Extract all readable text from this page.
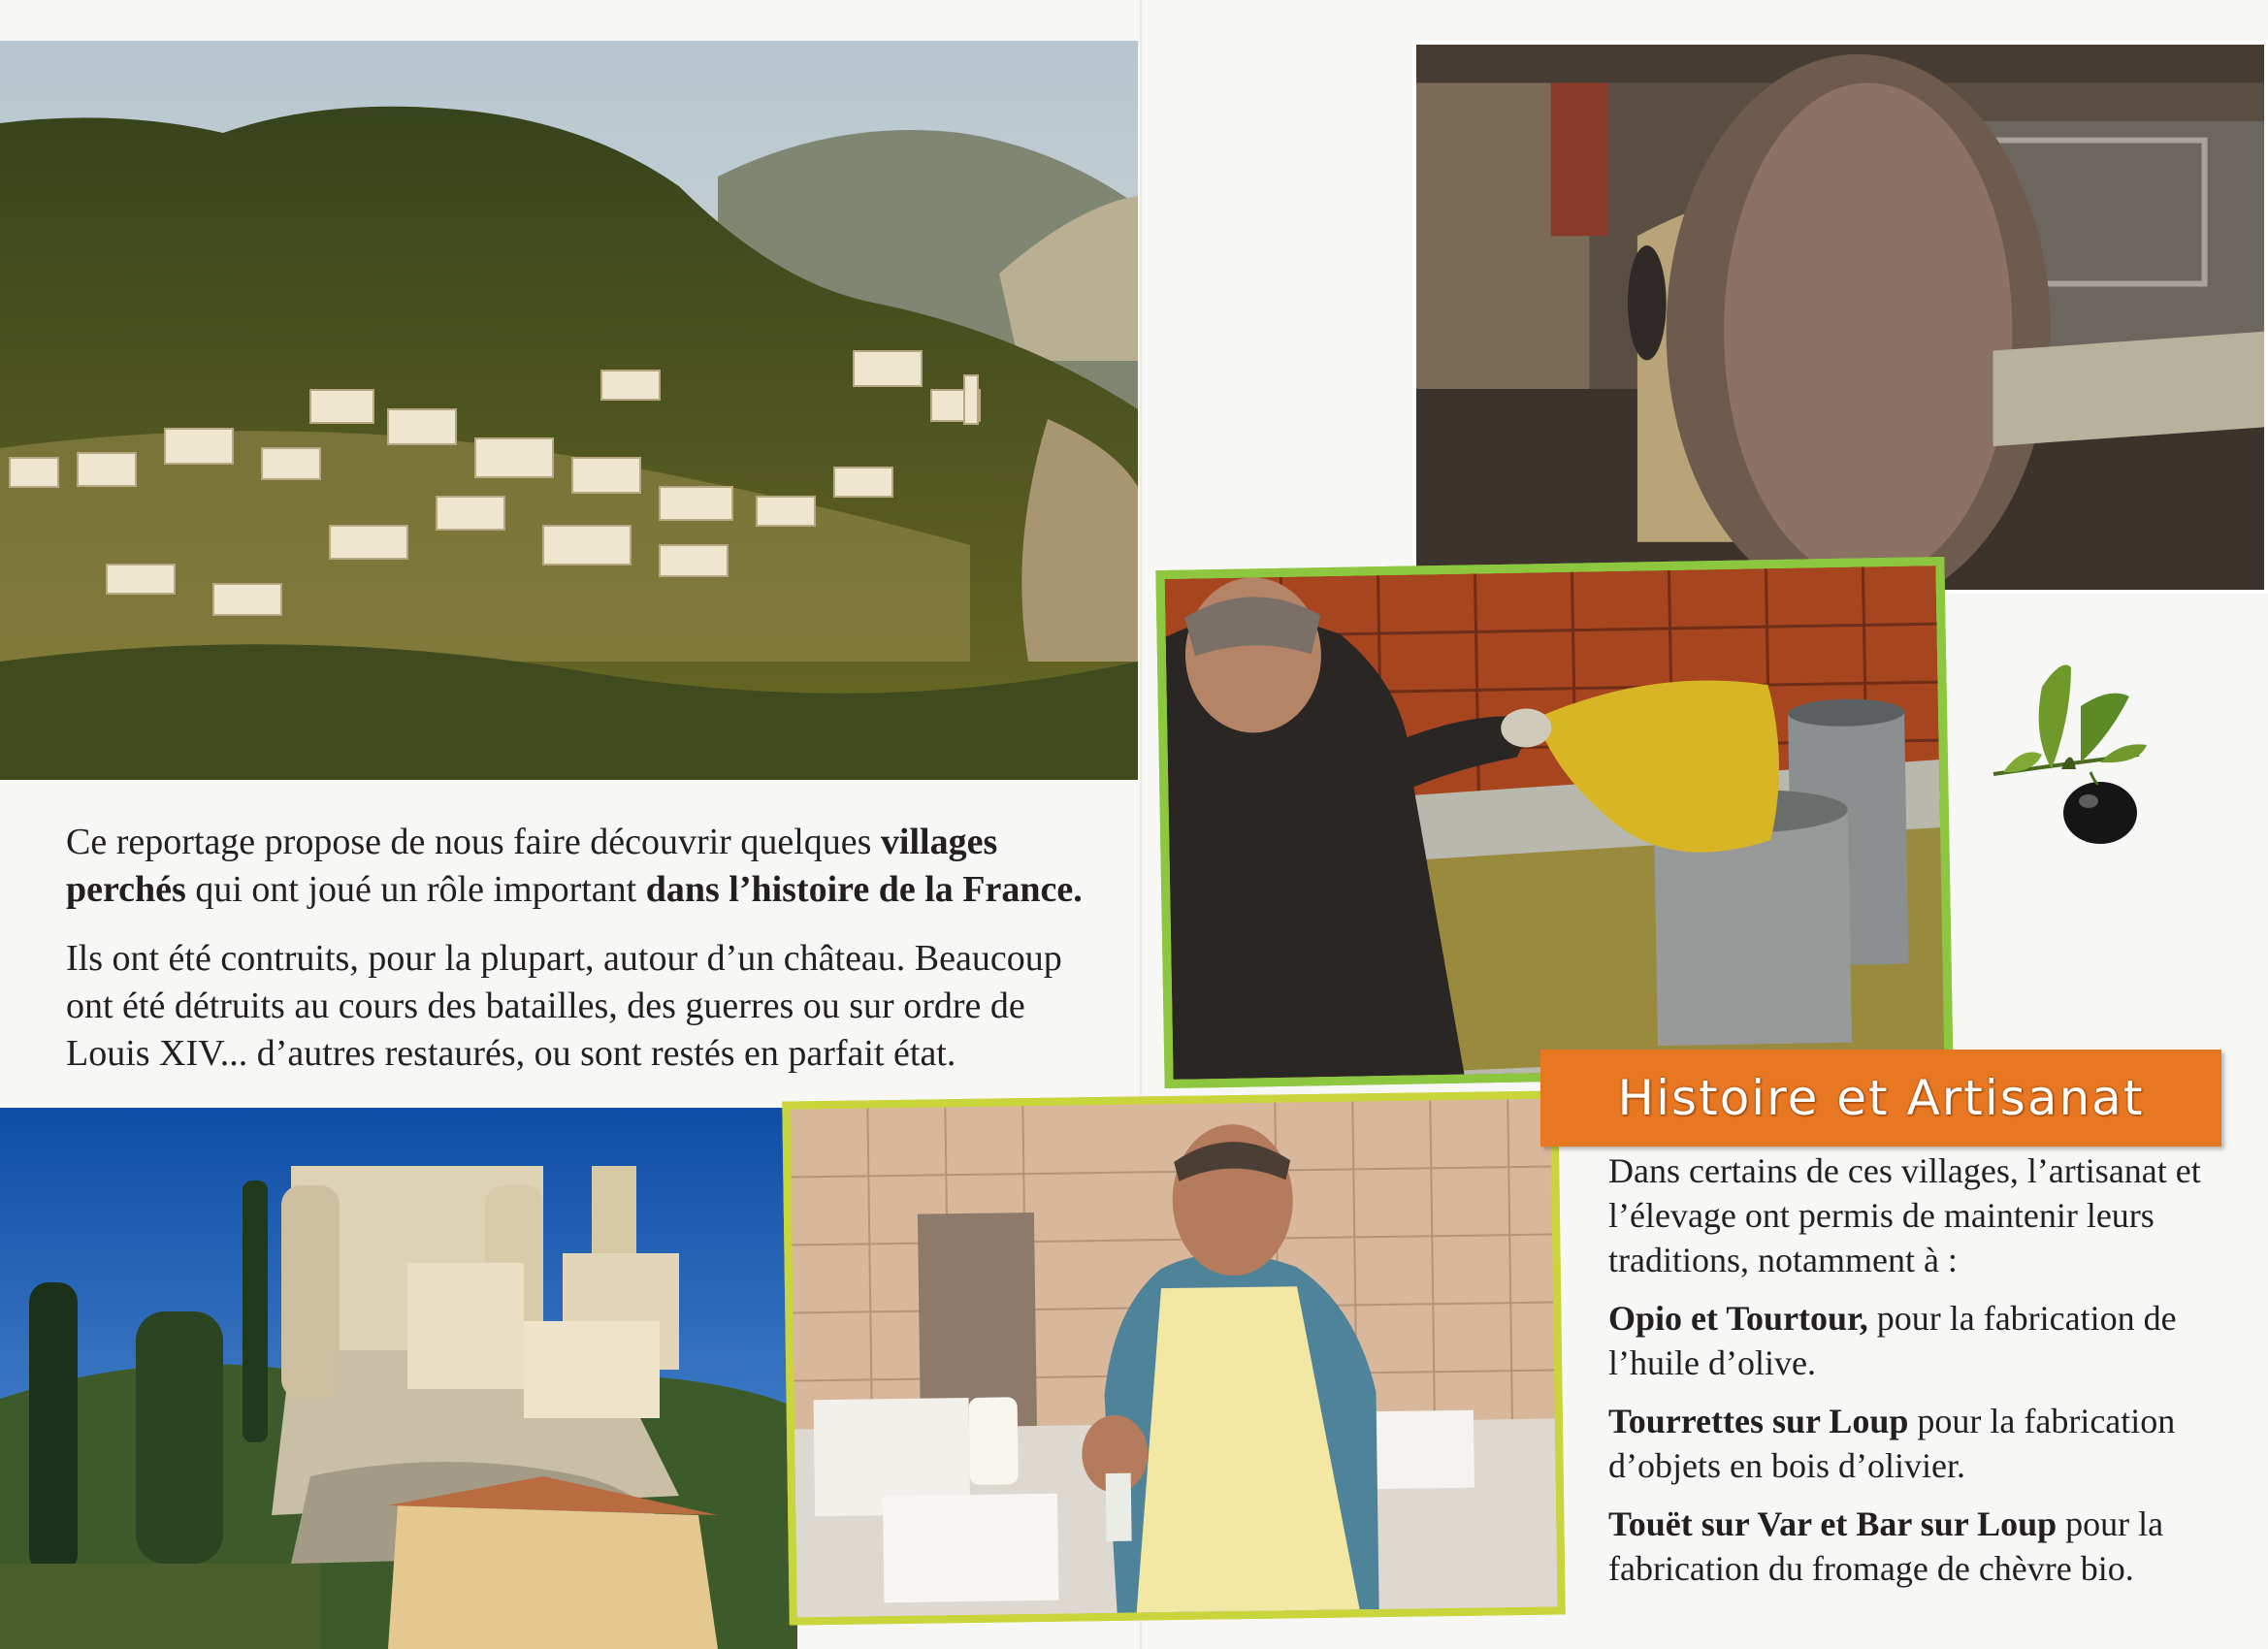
Ce reportage propose de nous faire découvrir quelques villages perchés qui ont joué un rôle important dans l’histoire de la France.

Ils ont été contruits, pour la plupart, autour d’un château. Beaucoup ont été détruits au cours des batailles, des guerres ou sur ordre de Louis XIV... d’autres restaurés, ou sont restés en parfait état.

Histoire et Artisanat

Dans certains de ces villages, l’artisanat et l’élevage ont permis de maintenir leurs traditions, notamment à :

Opio et Tourtour, pour la fabrication de l’huile d’olive.

Tourrettes sur Loup pour la fabrication d’objets en bois d’olivier.

Touët sur Var et Bar sur Loup pour la fabrication du fromage de chèvre bio.
